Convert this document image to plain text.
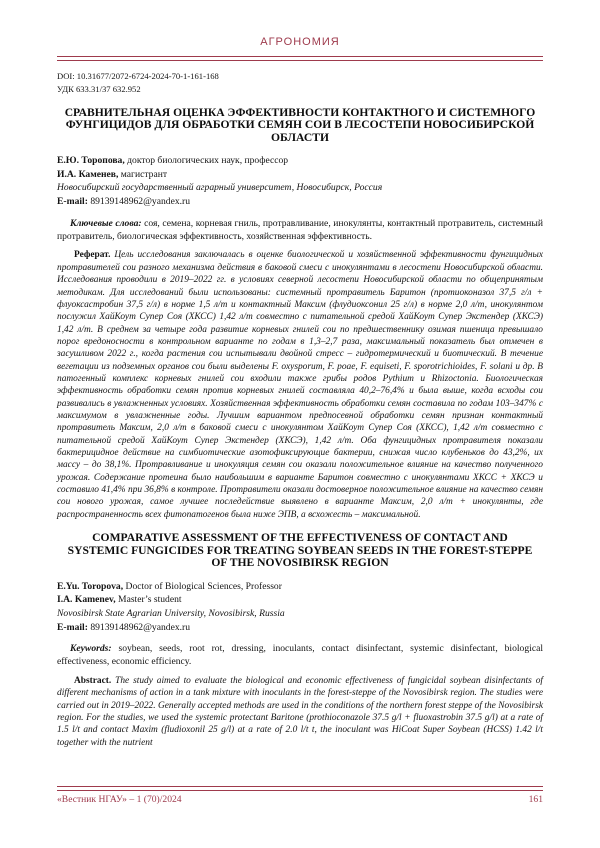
АГРОНОМИЯ
DOI: 10.31677/2072-6724-2024-70-1-161-168
УДК 633.31/37 632.952
СРАВНИТЕЛЬНАЯ ОЦЕНКА ЭФФЕКТИВНОСТИ КОНТАКТНОГО И СИСТЕМНОГО ФУНГИЦИДОВ ДЛЯ ОБРАБОТКИ СЕМЯН СОИ В ЛЕСОСТЕПИ НОВОСИБИРСКОЙ ОБЛАСТИ

Е.Ю. Торопова, доктор биологических наук, профессор

И.А. Каменев, магистрант

Новосибирский государственный аграрный университет, Новосибирск, Россия

E-mail: 89139148962@yandex.ru

Ключевые слова: соя, семена, корневая гниль, протравливание, инокулянты, контактный протравитель, системный протравитель, биологическая эффективность, хозяйственная эффективность.

Реферат. Цель исследования заключалась в оценке биологической и хозяйственной эффективности фунгицидных протравителей сои разного механизма действия в баковой смеси с инокулянтами в лесостепи Новосибирской области. Исследования проводили в 2019–2022 гг. в условиях северной лесостепи Новосибирской области по общепринятым методикам. Для исследований были использованы: системный протравитель Баритон (протиоконазол 37,5 г/л + флуоксастробин 37,5 г/л) в норме 1,5 л/т и контактный Максим (флудиоксонил 25 г/л) в норме 2,0 л/т, инокулянтом послужил ХайКоут Супер Соя (ХКСС) 1,42 л/т совместно с питательной средой ХайКоут Супер Экстендер (ХКСЭ) 1,42 л/т. В среднем за четыре года развитие корневых гнилей сои по предшественнику озимая пшеница превышало порог вредоносности в контрольном варианте по годам в 1,3–2,7 раза, максимальный показатель был отмечен в засушливом 2022 г., когда растения сои испытывали двойной стресс – гидротермический и биотический. В течение вегетации из подземных органов сои были выделены F. oxysporum, F. poae, F. equiseti, F. sporotrichioides, F. solani и др. В патогенный комплекс корневых гнилей сои входили также грибы родов Pythium и Rhizoctonia. Биологическая эффективность обработки семян против корневых гнилей составляла 40,2–76,4% и была выше, когда всходы сои развивались в увлажненных условиях. Хозяйственная эффективность обработки семян составила по годам 103–347% с максимумом в увлажненные годы. Лучшим вариантом предпосевной обработки семян признан контактный протравитель Максим, 2,0 л/т в баковой смеси с инокулянтом ХайКоут Супер Соя (ХКСС), 1,42 л/т совместно с питательной средой ХайКоут Супер Экстендер (ХКСЭ), 1,42 л/т. Оба фунгицидных протравителя показали бактерицидное действие на симбиотические азотофиксирующие бактерии, снижая число клубеньков до 43,2%, их массу – до 38,1%. Протравливание и инокуляция семян сои оказали положительное влияние на качество полученного урожая. Содержание протеина было наибольшим в варианте Баритон совместно с инокулянтами ХКСС + ХКСЭ и составило 41,4% при 36,8% в контроле. Протравители оказали достоверное положительное влияние на качество семян сои нового урожая, самое лучшее последействие выявлено в варианте Максим, 2,0 л/т + инокулянты, где распространенность всех фитопатогенов была ниже ЭПВ, а всхожесть – максимальной.

COMPARATIVE ASSESSMENT OF THE EFFECTIVENESS OF CONTACT AND SYSTEMIC FUNGICIDES FOR TREATING SOYBEAN SEEDS IN THE FOREST-STEPPE OF THE NOVOSIBIRSK REGION

E.Yu. Toropova, Doctor of Biological Sciences, Professor

I.A. Kamenev, Master’s student

Novosibirsk State Agrarian University, Novosibirsk, Russia

E-mail: 89139148962@yandex.ru

Keywords: soybean, seeds, root rot, dressing, inoculants, contact disinfectant, systemic disinfectant, biological effectiveness, economic efficiency.

Abstract. The study aimed to evaluate the biological and economic effectiveness of fungicidal soybean disinfectants of different mechanisms of action in a tank mixture with inoculants in the forest-steppe of the Novosibirsk region. The studies were carried out in 2019–2022. Generally accepted methods are used in the conditions of the northern forest steppe of the Novosibirsk region. For the studies, we used the systemic protectant Baritone (prothioconazole 37.5 g/l + fluoxastrobin 37.5 g/l) at a rate of 1.5 l/t and contact Maxim (fludioxonil 25 g/l) at a rate of 2.0 l/t t, the inoculant was HiCoat Super Soybean (HCSS) 1.42 l/t together with the nutrient

«Вестник НГАУ» – 1 (70)/2024	161
